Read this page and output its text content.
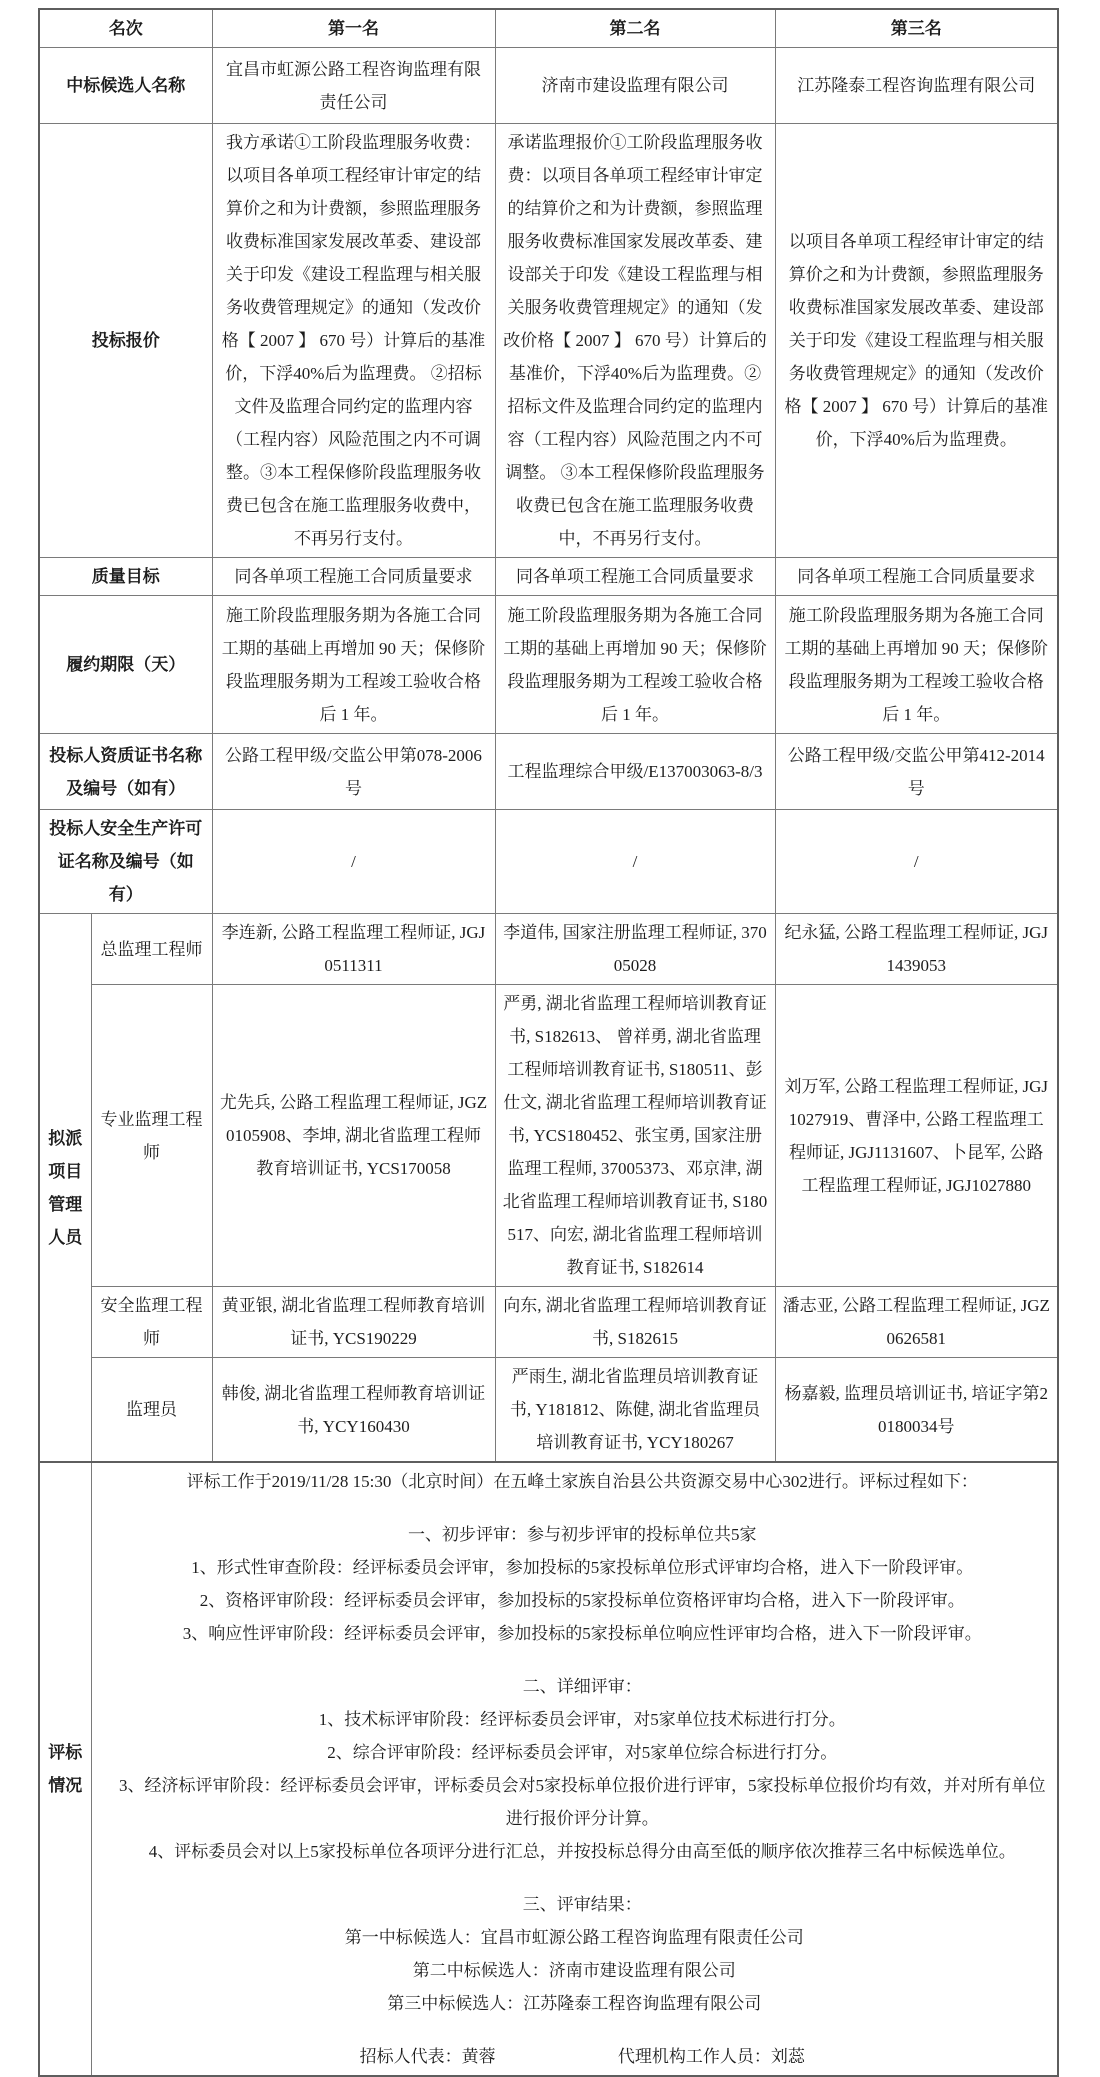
名次		第一名	第二名	第三名
中标候选人名称		宜昌市虹源公路工程咨询监理有限责任公司	济南市建设监理有限公司	江苏隆泰工程咨询监理有限公司
投标报价		我方承诺①工阶段监理服务收费：以项目各单项工程经审计审定的结算价之和为计费额，参照监理服务收费标准国家发展改革委、建设部关于印发《建设工程监理与相关服务收费管理规定》的通知（发改价格【 2007 】 670 号）计算后的基准价，下浮40%后为监理费。 ②招标文件及监理合同约定的监理内容（工程内容）风险范围之内不可调整。③本工程保修阶段监理服务收费已包含在施工监理服务收费中，不再另行支付。	承诺监理报价①工阶段监理服务收费：以项目各单项工程经审计审定的结算价之和为计费额，参照监理服务收费标准国家发展改革委、建设部关于印发《建设工程监理与相关服务收费管理规定》的通知（发改价格【 2007 】 670 号）计算后的基准价，下浮40%后为监理费。②招标文件及监理合同约定的监理内容（工程内容）风险范围之内不可调整。 ③本工程保修阶段监理服务收费已包含在施工监理服务收费中，不再另行支付。	以项目各单项工程经审计审定的结算价之和为计费额，参照监理服务收费标准国家发展改革委、建设部关于印发《建设工程监理与相关服务收费管理规定》的通知（发改价格【 2007 】 670 号）计算后的基准价，下浮40%后为监理费。
质量目标		同各单项工程施工合同质量要求	同各单项工程施工合同质量要求	同各单项工程施工合同质量要求
履约期限（天）		施工阶段监理服务期为各施工合同工期的基础上再增加 90 天；保修阶段监理服务期为工程竣工验收合格后 1 年。	施工阶段监理服务期为各施工合同工期的基础上再增加 90 天；保修阶段监理服务期为工程竣工验收合格后 1 年。	施工阶段监理服务期为各施工合同工期的基础上再增加 90 天；保修阶段监理服务期为工程竣工验收合格后 1 年。
投标人资质证书名称及编号（如有）		公路工程甲级/交监公甲第078-2006号	工程监理综合甲级/E137003063-8/3	公路工程甲级/交监公甲第412-2014号
投标人安全生产许可证名称及编号（如有）		/	/	/
拟派项目管理人员	总监理工程师	李连新, 公路工程监理工程师证, JGJ0511311	李道伟, 国家注册监理工程师证, 37005028	纪永猛, 公路工程监理工程师证, JGJ1439053
	专业监理工程师	尤先兵, 公路工程监理工程师证, JGZ0105908、李坤, 湖北省监理工程师教育培训证书, YCS170058	严勇, 湖北省监理工程师培训教育证书, S182613、 曾祥勇, 湖北省监理工程师培训教育证书, S180511、彭仕文, 湖北省监理工程师培训教育证书, YCS180452、张宝勇, 国家注册监理工程师, 37005373、邓京津, 湖北省监理工程师培训教育证书, S180517、向宏, 湖北省监理工程师培训教育证书, S182614	刘万军, 公路工程监理工程师证, JGJ1027919、曹泽中, 公路工程监理工程师证, JGJ1131607、卜昆军, 公路工程监理工程师证, JGJ1027880
	安全监理工程师	黄亚银, 湖北省监理工程师教育培训证书, YCS190229	向东, 湖北省监理工程师培训教育证书, S182615	潘志亚, 公路工程监理工程师证, JGZ0626581
	监理员	韩俊, 湖北省监理工程师教育培训证书, YCY160430	严雨生, 湖北省监理员培训教育证书, Y181812、陈健, 湖北省监理员培训教育证书, YCY180267	杨嘉毅, 监理员培训证书, 培证字第20180034号
评标情况	

评标工作于2019/11/28 15:30（北京时间）在五峰土家族自治县公共资源交易中心302进行。评标过程如下：

一、初步评审：参与初步评审的投标单位共5家

1、形式性审查阶段：经评标委员会评审，参加投标的5家投标单位形式评审均合格，进入下一阶段评审。

2、资格评审阶段：经评标委员会评审，参加投标的5家投标单位资格评审均合格，进入下一阶段评审。

3、响应性评审阶段：经评标委员会评审，参加投标的5家投标单位响应性评审均合格，进入下一阶段评审。

二、详细评审：

1、技术标评审阶段：经评标委员会评审，对5家单位技术标进行打分。

2、综合评审阶段：经评标委员会评审，对5家单位综合标进行打分。

3、经济标评审阶段：经评标委员会评审，评标委员会对5家投标单位报价进行评审，5家投标单位报价均有效，并对所有单位进行报价评分计算。

4、评标委员会对以上5家投标单位各项评分进行汇总，并按投标总得分由高至低的顺序依次推荐三名中标候选单位。

三、评审结果：

第一中标候选人：宜昌市虹源公路工程咨询监理有限责任公司

第二中标候选人：济南市建设监理有限公司

第三中标候选人：江苏隆泰工程咨询监理有限公司

招标人代表：黄蓉	代理机构工作人员：刘蕊
